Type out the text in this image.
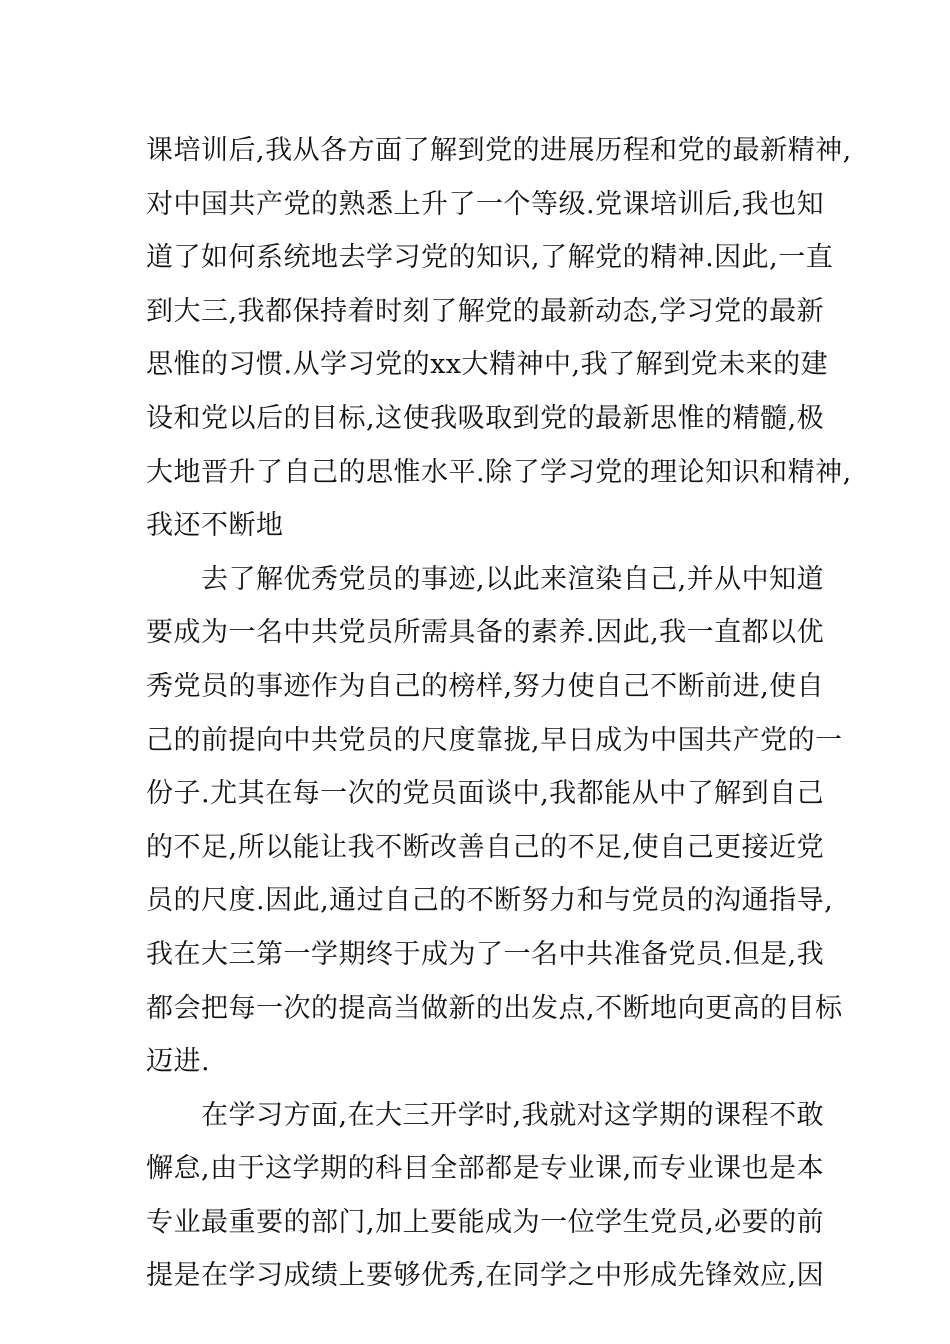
课培训后,我从各方面了解到党的进展历程和党的最新精神,
对中国共产党的熟悉上升了一个等级.党课培训后,我也知
道了如何系统地去学习党的知识,了解党的精神.因此,一直
到大三,我都保持着时刻了解党的最新动态,学习党的最新
思惟的习惯.从学习党的xx大精神中,我了解到党未来的建
设和党以后的目标,这使我吸取到党的最新思惟的精髓,极
大地晋升了自己的思惟水平.除了学习党的理论知识和精神,
我还不断地

　　去了解优秀党员的事迹,以此来渲染自己,并从中知道
要成为一名中共党员所需具备的素养.因此,我一直都以优
秀党员的事迹作为自己的榜样,努力使自己不断前进,使自
己的前提向中共党员的尺度靠拢,早日成为中国共产党的一
份子.尤其在每一次的党员面谈中,我都能从中了解到自己
的不足,所以能让我不断改善自己的不足,使自己更接近党
员的尺度.因此,通过自己的不断努力和与党员的沟通指导,
我在大三第一学期终于成为了一名中共准备党员.但是,我
都会把每一次的提高当做新的出发点,不断地向更高的目标
迈进.

　　在学习方面,在大三开学时,我就对这学期的课程不敢
懈怠,由于这学期的科目全部都是专业课,而专业课也是本
专业最重要的部门,加上要能成为一位学生党员,必要的前
提是在学习成绩上要够优秀,在同学之中形成先锋效应,因
